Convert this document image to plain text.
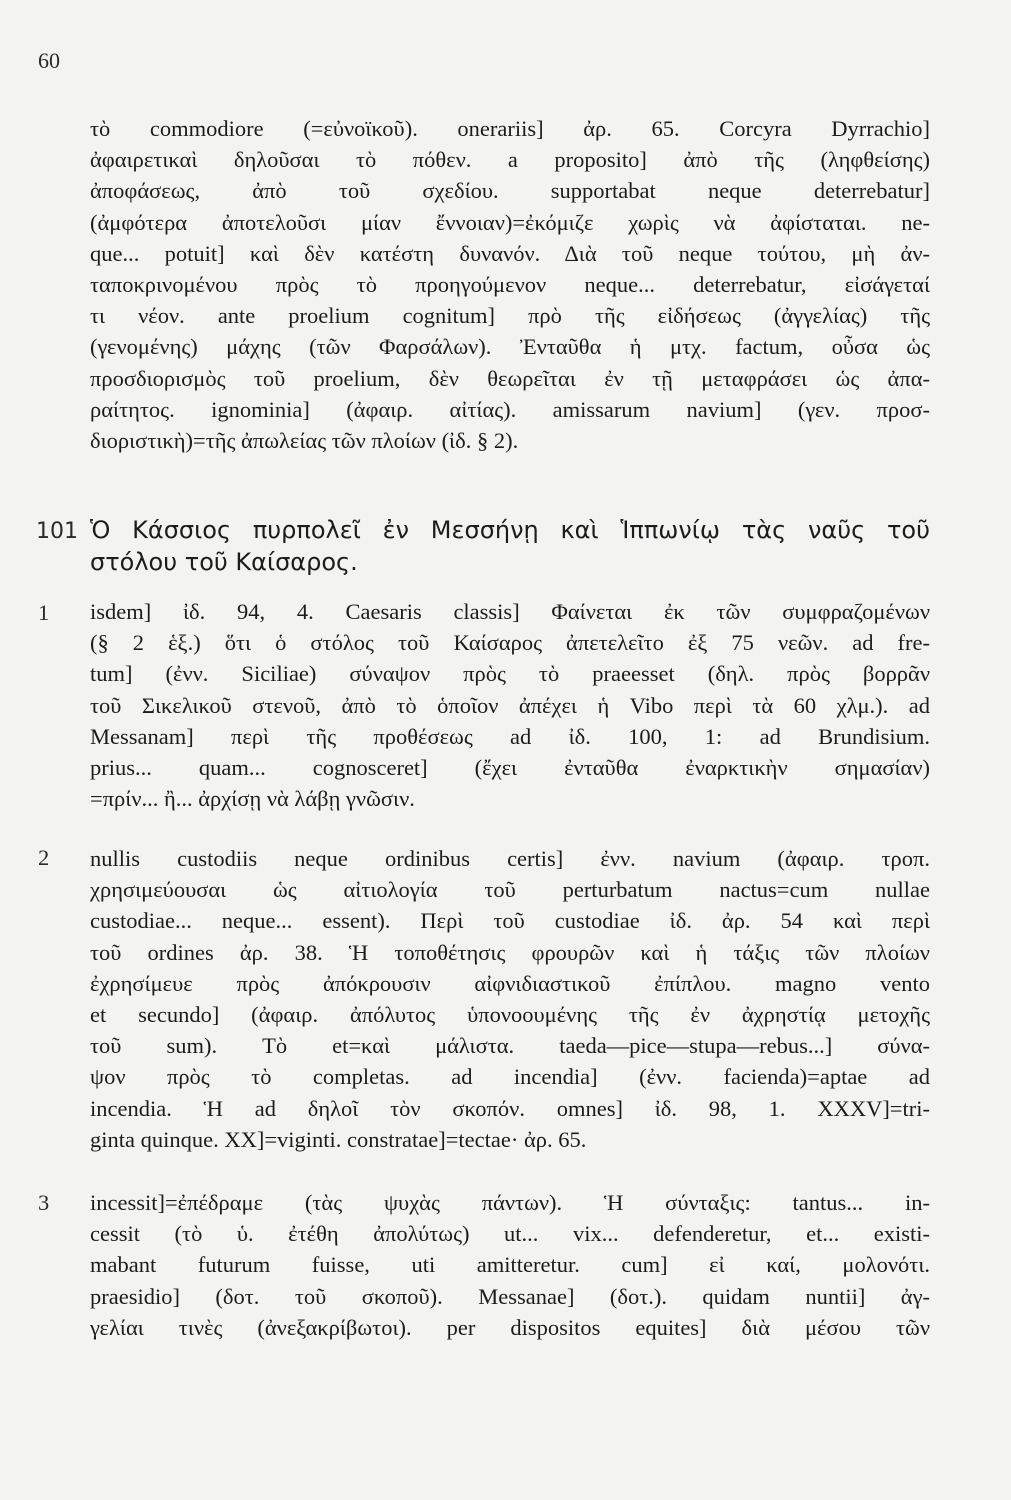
60
τὸ commodiore (=εὐνοϊκοῦ). onerariis] ἀρ. 65. Corcyra Dyrrachio]
ἀφαιρετικαὶ δηλοῦσαι τὸ πόθεν. a proposito] ἀπὸ τῆς (ληφθείσης)
ἀποφάσεως, ἀπὸ τοῦ σχεδίου. supportabat neque deterrebatur]
(ἀμφότερα ἀποτελοῦσι μίαν ἔννοιαν)=ἐκόμιζε χωρὶς νὰ ἀφίσταται. ne-
que... potuit] καὶ δὲν κατέστη δυνανόν. Διὰ τοῦ neque τούτου, μὴ ἀν-
ταποκρινομένου πρὸς τὸ προηγούμενον neque... deterrebatur, εἰσάγεταί
τι νέον. ante proelium cognitum] πρὸ τῆς εἰδήσεως (ἀγγελίας) τῆς
(γενομένης) μάχης (τῶν Φαρσάλων). Ἐνταῦθα ἡ μτχ. factum, οὖσα ὡς
προσδιορισμὸς τοῦ proelium, δὲν θεωρεῖται ἐν τῇ μεταφράσει ὡς ἀπα-
ραίτητος. ignominia] (ἀφαιρ. αἰτίας). amissarum navium] (γεν. προσ-
διοριστικὴ)=τῆς ἀπωλείας τῶν πλοίων (ἰδ. § 2).
101 Ὁ Κάσσιος πυρπολεῖ ἐν Μεσσήνῃ καὶ Ἱππωνίῳ τὰς ναῦς τοῦ
στόλου τοῦ Καίσαρος.
1 isdem] ἰδ. 94, 4. Caesaris classis] Φαίνεται ἐκ τῶν συμφραζομένων
(§ 2 ἑξ.) ὅτι ὁ στόλος τοῦ Καίσαρος ἀπετελεῖτο ἐξ 75 νεῶν. ad fre-
tum] (ἐνν. Siciliae) σύναψον πρὸς τὸ praeesset (δηλ. πρὸς βορρᾶν
τοῦ Σικελικοῦ στενοῦ, ἀπὸ τὸ ὁποῖον ἀπέχει ἡ Vibo περὶ τὰ 60 χλμ.). ad
Messanam] περὶ τῆς προθέσεως ad ἰδ. 100, 1: ad Brundisium.
prius... quam... cognosceret] (ἔχει ἐνταῦθα ἐναρκτικὴν σημασίαν)
=πρίν... ἢ... ἀρχίσῃ νὰ λάβῃ γνῶσιν.
2 nullis custodiis neque ordinibus certis] ἐνν. navium (ἀφαιρ. τροπ.
χρησιμεύουσαι ὡς αἰτιολογία τοῦ perturbatum nactus=cum nullae
custodiae... neque... essent). Περὶ τοῦ custodiae ἰδ. ἀρ. 54 καὶ περὶ
τοῦ ordines ἀρ. 38. Ἡ τοποθέτησις φρουρῶν καὶ ἡ τάξις τῶν πλοίων
ἐχρησίμευε πρὸς ἀπόκρουσιν αἰφνιδιαστικοῦ ἐπίπλου. magno vento
et secundo] (ἀφαιρ. ἀπόλυτος ὑπονοουμένης τῆς ἐν ἀχρηστίᾳ μετοχῆς
τοῦ sum). Τὸ et=καὶ μάλιστα. taeda—pice—stupa—rebus...] σύνα-
ψον πρὸς τὸ completas. ad incendia] (ἐνν. facienda)=aptae ad
incendia. Ἡ ad δηλοῖ τὸν σκοπόν. omnes] ἰδ. 98, 1. XXXV]=tri-
ginta quinque. XX]=viginti. constratae]=tectae· ἀρ. 65.
3 incessit]=ἐπέδραμε (τὰς ψυχὰς πάντων). Ἡ σύνταξις: tantus... in-
cessit (τὸ ὑ. ἐτέθη ἀπολύτως) ut... vix... defenderetur, et... existi-
mabant futurum fuisse, uti amitteretur. cum] εἰ καί, μολονότι.
praesidio] (δοτ. τοῦ σκοποῦ). Messanae] (δοτ.). quidam nuntii] ἀγ-
γελίαι τινὲς (ἀνεξακρίβωτοι). per dispositos equites] διὰ μέσου τῶν
